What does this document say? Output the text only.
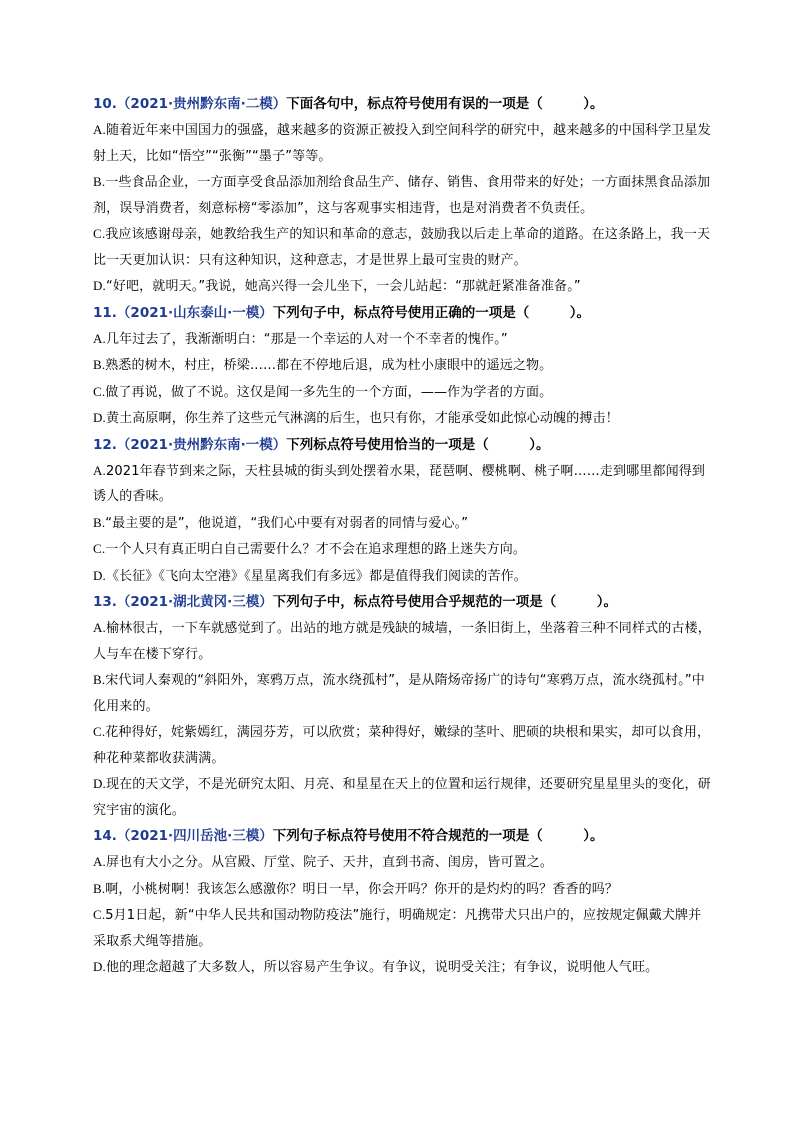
10.（2021·贵州黔东南·二模）下面各句中，标点符号使用有误的一项是（　　　）。

A.随着近年来中国国力的强盛，越来越多的资源正被投入到空间科学的研究中，越来越多的中国科学卫星发射上天，比如“悟空”“张衡”“墨子”等等。

B.一些食品企业，一方面享受食品添加剂给食品生产、储存、销售、食用带来的好处；一方面抹黑食品添加剂，误导消费者，刻意标榜“零添加”，这与客观事实相违背，也是对消费者不负责任。

C.我应该感谢母亲，她教给我生产的知识和革命的意志，鼓励我以后走上革命的道路。在这条路上，我一天比一天更加认识：只有这种知识，这种意志，才是世界上最可宝贵的财产。

D.“好吧，就明天。”我说，她高兴得一会儿坐下，一会儿站起：“那就赶紧准备准备。”

11.（2021·山东泰山·一模）下列句子中，标点符号使用正确的一项是（　　　）。

A.几年过去了，我渐渐明白：“那是一个幸运的人对一个不幸者的愧作。”

B.熟悉的树木，村庄，桥梁……都在不停地后退，成为杜小康眼中的遥远之物。

C.做了再说，做了不说。这仅是闻一多先生的一个方面，——作为学者的方面。

D.黄土高原啊，你生养了这些元气淋漓的后生，也只有你，才能承受如此惊心动魄的搏击！

12.（2021·贵州黔东南·一模）下列标点符号使用恰当的一项是（　　　）。

A.2021年春节到来之际，天柱县城的街头到处摆着水果，琵琶啊、樱桃啊、桃子啊……走到哪里都闻得到诱人的香味。

B.“最主要的是”，他说道，“我们心中要有对弱者的同情与爱心。”

C.一个人只有真正明白自己需要什么？才不会在追求理想的路上迷失方向。

D.《长征》《飞向太空港》《星星离我们有多远》都是值得我们阅读的苦作。

13.（2021·湖北黄冈·三模）下列句子中，标点符号使用合乎规范的一项是（　　　）。

A.榆林很古，一下车就感觉到了。出站的地方就是残缺的城墙，一条旧街上，坐落着三种不同样式的古楼，人与车在楼下穿行。

B.宋代词人秦观的“斜阳外，寒鸦万点，流水绕孤村”，是从隋炀帝扬广的诗句“寒鸦万点，流水绕孤村。”中化用来的。

C.花种得好，姹紫嫣红，满园芬芳，可以欣赏；菜种得好，嫩绿的茎叶、肥硕的块根和果实，却可以食用，种花种菜都收获满满。

D.现在的天文学，不是光研究太阳、月亮、和星星在天上的位置和运行规律，还要研究星星里头的变化，研究宇宙的演化。

14.（2021·四川岳池·三模）下列句子标点符号使用不符合规范的一项是（　　　）。

A.屏也有大小之分。从宫殿、厅堂、院子、天井，直到书斋、闺房，皆可置之。

B.啊，小桃树啊！我该怎么感激你？明日一早，你会开吗？你开的是灼灼的吗？香香的吗？

C.5月1日起，新“中华人民共和国动物防疫法”施行，明确规定：凡携带犬只出户的，应按规定佩戴犬牌并采取系犬绳等措施。

D.他的理念超越了大多数人，所以容易产生争议。有争议，说明受关注；有争议，说明他人气旺。
